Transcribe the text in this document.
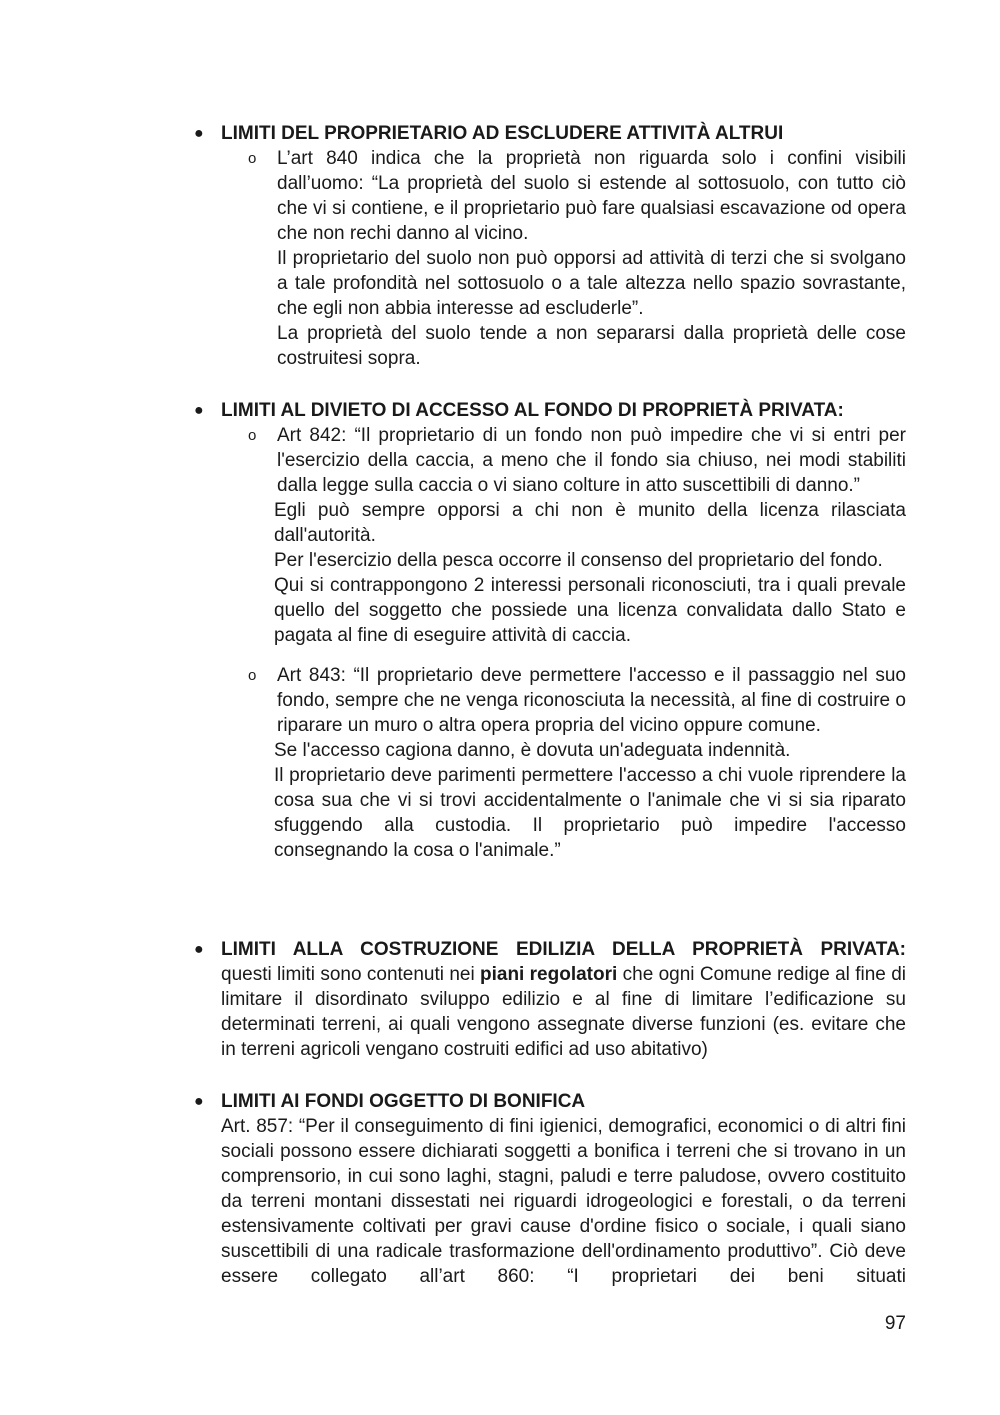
● LIMITI DEL PROPRIETARIO AD ESCLUDERE ATTIVITÀ ALTRUI
o L’art 840 indica che la proprietà non riguarda solo i confini visibili dall’uomo: “La proprietà del suolo si estende al sottosuolo, con tutto ciò che vi si contiene, e il proprietario può fare qualsiasi escavazione od opera che non rechi danno al vicino.
Il proprietario del suolo non può opporsi ad attività di terzi che si svolgano a tale profondità nel sottosuolo o a tale altezza nello spazio sovrastante, che egli non abbia interesse ad escluderle”.
La proprietà del suolo tende a non separarsi dalla proprietà delle cose costruitesi sopra.
● LIMITI AL DIVIETO DI ACCESSO AL FONDO DI PROPRIETÀ PRIVATA:
o Art 842: “Il proprietario di un fondo non può impedire che vi si entri per l'esercizio della caccia, a meno che il fondo sia chiuso, nei modi stabiliti dalla legge sulla caccia o vi siano colture in atto suscettibili di danno.”
Egli può sempre opporsi a chi non è munito della licenza rilasciata dall'autorità.
Per l'esercizio della pesca occorre il consenso del proprietario del fondo.
Qui si contrappongono 2 interessi personali riconosciuti, tra i quali prevale quello del soggetto che possiede una licenza convalidata dallo Stato e pagata al fine di eseguire attività di caccia.
o Art 843: “Il proprietario deve permettere l'accesso e il passaggio nel suo fondo, sempre che ne venga riconosciuta la necessità, al fine di costruire o riparare un muro o altra opera propria del vicino oppure comune.
Se l'accesso cagiona danno, è dovuta un'adeguata indennità.
Il proprietario deve parimenti permettere l'accesso a chi vuole riprendere la cosa sua che vi si trovi accidentalmente o l'animale che vi si sia riparato sfuggendo alla custodia. Il proprietario può impedire l'accesso consegnando la cosa o l'animale.”
● LIMITI ALLA COSTRUZIONE EDILIZIA DELLA PROPRIETÀ PRIVATA:
questi limiti sono contenuti nei piani regolatori che ogni Comune redige al fine di limitare il disordinato sviluppo edilizio e al fine di limitare l’edificazione su determinati terreni, ai quali vengono assegnate diverse funzioni (es. evitare che in terreni agricoli vengano costruiti edifici ad uso abitativo)
● LIMITI AI FONDI OGGETTO DI BONIFICA
Art. 857: “Per il conseguimento di fini igienici, demografici, economici o di altri fini sociali possono essere dichiarati soggetti a bonifica i terreni che si trovano in un comprensorio, in cui sono laghi, stagni, paludi e terre paludose, ovvero costituito da terreni montani dissestati nei riguardi idrogeologici e forestali, o da terreni estensivamente coltivati per gravi cause d'ordine fisico o sociale, i quali siano suscettibili di una radicale trasformazione dell'ordinamento produttivo”. Ciò deve essere collegato all’art 860: “I proprietari dei beni situati
97
